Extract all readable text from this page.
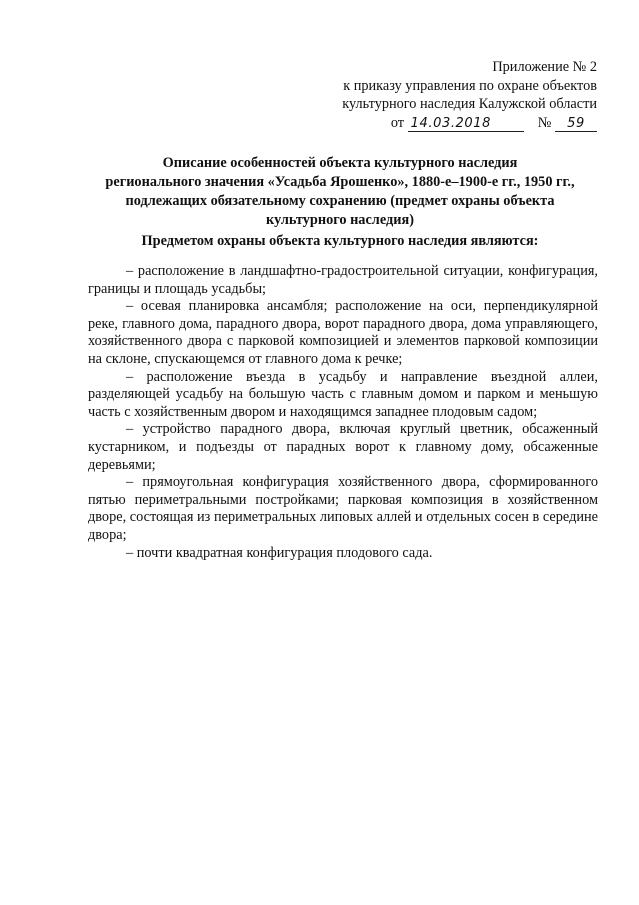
Приложение № 2
к приказу управления по охране объектов
культурного наследия Калужской области
от 14.03.2018	№ 59
Описание особенностей объекта культурного наследия
регионального значения «Усадьба Ярошенко», 1880-е–1900-е гг., 1950 гг.,
подлежащих обязательному сохранению (предмет охраны объекта
культурного наследия)
Предметом охраны объекта культурного наследия являются:

– расположение в ландшафтно-градостроительной ситуации, конфигурация, границы и площадь усадьбы;

– осевая планировка ансамбля; расположение на оси, перпендикулярной реке, главного дома, парадного двора, ворот парадного двора, дома управляющего, хозяйственного двора с парковой композицией и элементов парковой композиции на склоне, спускающемся от главного дома к речке;

– расположение въезда в усадьбу и направление въездной аллеи, разделяющей усадьбу на большую часть с главным домом и парком и меньшую часть с хозяйственным двором и находящимся западнее плодовым садом;

– устройство парадного двора, включая круглый цветник, обсаженный кустарником, и подъезды от парадных ворот к главному дому, обсаженные деревьями;

– прямоугольная конфигурация хозяйственного двора, сформированного пятью периметральными постройками; парковая композиция в хозяйственном дворе, состоящая из периметральных липовых аллей и отдельных сосен в середине двора;

– почти квадратная конфигурация плодового сада.
